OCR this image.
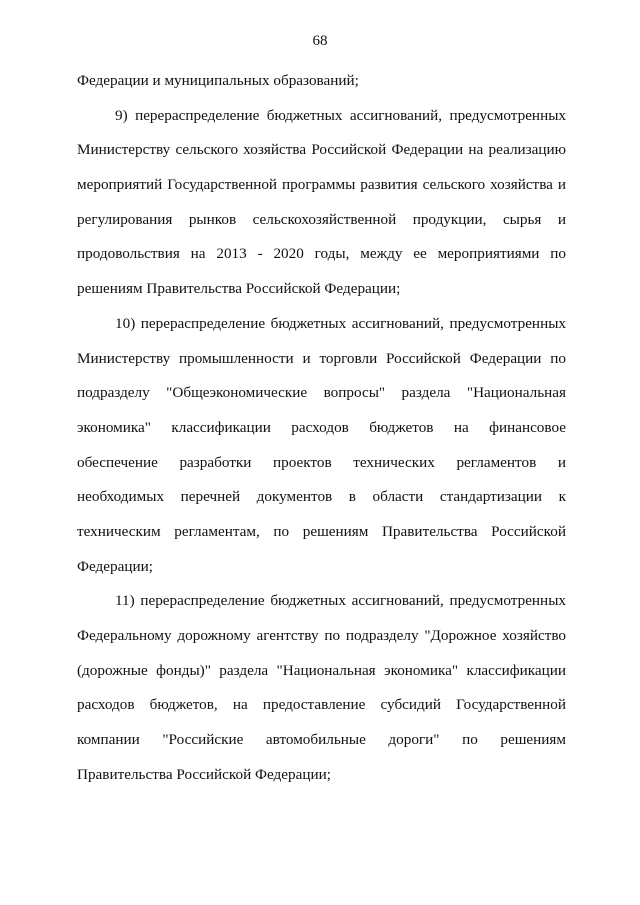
68
Федерации и муниципальных образований;
9) перераспределение бюджетных ассигнований, предусмотренных
Министерству сельского хозяйства Российской Федерации на реализацию
мероприятий Государственной программы развития сельского хозяйства и
регулирования рынков сельскохозяйственной продукции, сырья и
продовольствия на 2013 - 2020 годы, между ее мероприятиями по
решениям Правительства Российской Федерации;
10) перераспределение бюджетных ассигнований, предусмотренных
Министерству промышленности и торговли Российской Федерации по
подразделу "Общеэкономические вопросы" раздела "Национальная
экономика" классификации расходов бюджетов на финансовое
обеспечение разработки проектов технических регламентов и
необходимых перечней документов в области стандартизации к
техническим регламентам, по решениям Правительства Российской
Федерации;
11) перераспределение бюджетных ассигнований, предусмотренных
Федеральному дорожному агентству по подразделу "Дорожное хозяйство
(дорожные фонды)" раздела "Национальная экономика" классификации
расходов бюджетов, на предоставление субсидий Государственной
компании "Российские автомобильные дороги" по решениям
Правительства Российской Федерации;
